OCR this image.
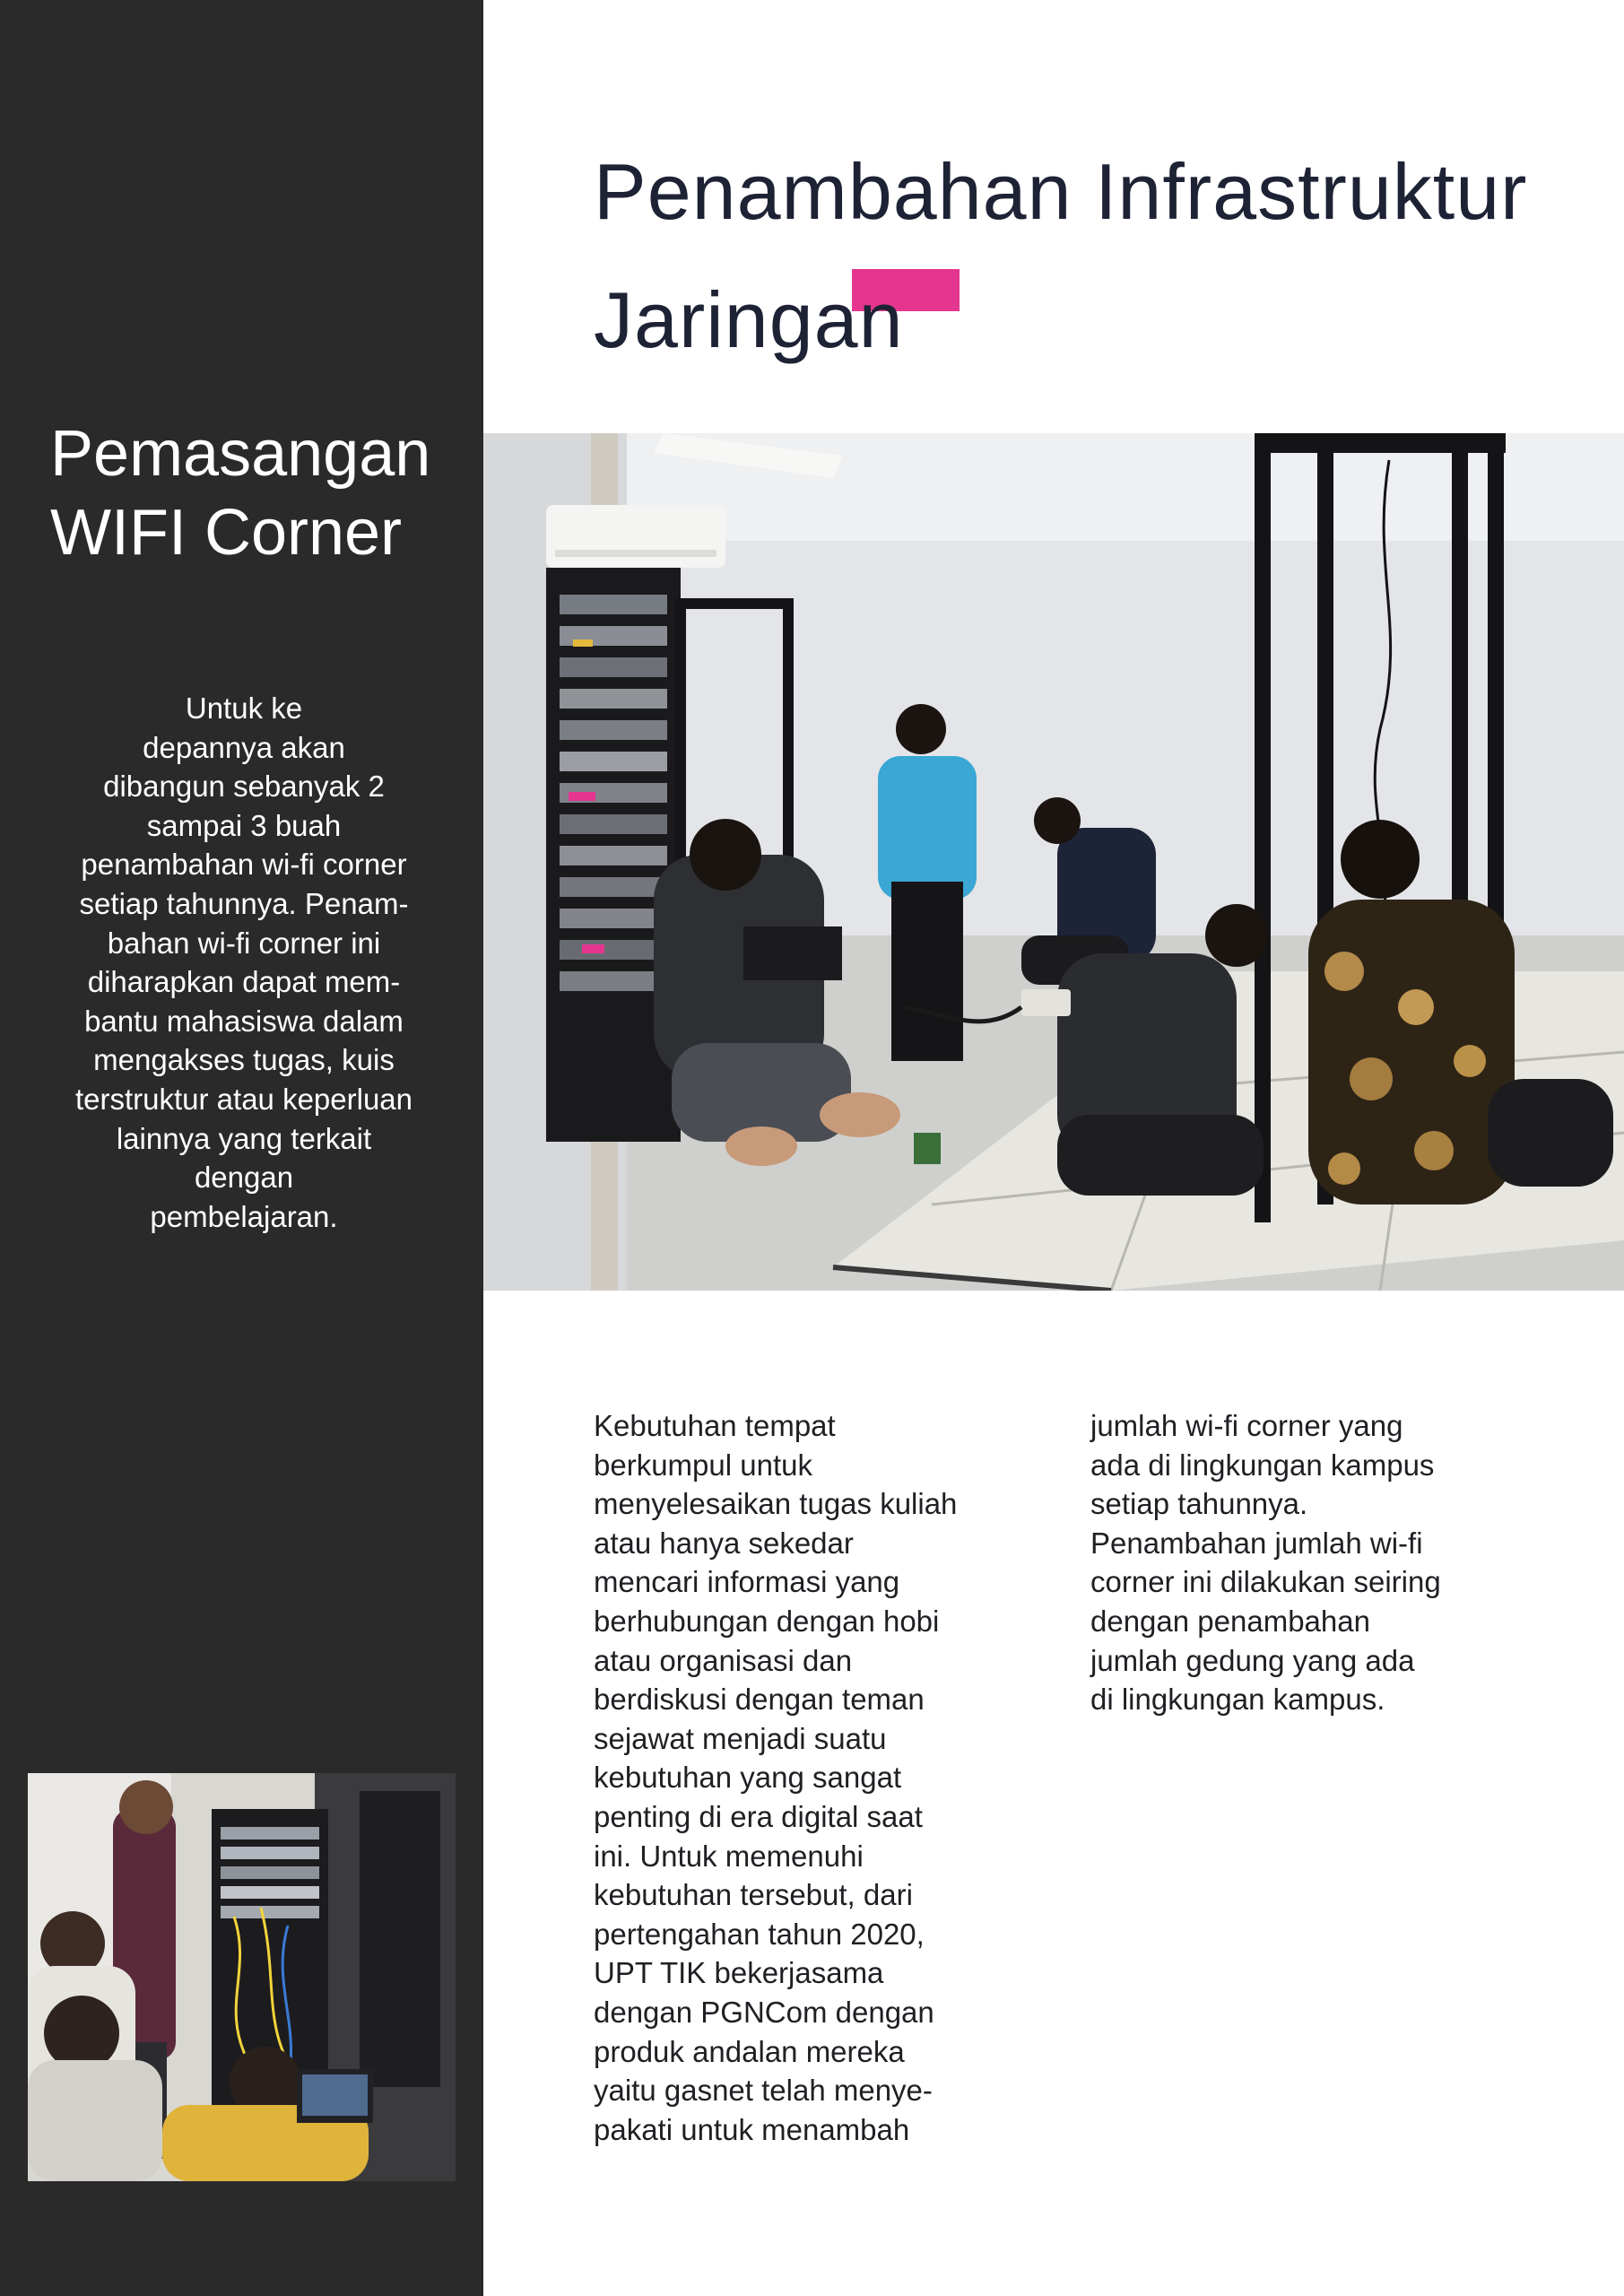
Pemasangan
WIFI Corner

Untuk ke
depannya akan
dibangun sebanyak 2
sampai 3 buah
penambahan wi-fi corner
setiap tahunnya. Penam-
bahan wi-fi corner ini
diharapkan dapat mem-
bantu mahasiswa dalam
mengakses tugas, kuis
terstruktur atau keperluan
lainnya yang terkait
dengan
pembelajaran.

Penambahan Infrastruktur
Jaringan

Kebutuhan tempat
berkumpul untuk
menyelesaikan tugas kuliah
atau hanya sekedar
mencari informasi yang
berhubungan dengan hobi
atau organisasi dan
berdiskusi dengan teman
sejawat menjadi suatu
kebutuhan yang sangat
penting di era digital saat
ini. Untuk memenuhi
kebutuhan tersebut, dari
pertengahan tahun 2020,
UPT TIK bekerjasama
dengan PGNCom dengan
produk andalan mereka
yaitu gasnet telah menye-
pakati untuk menambah

jumlah wi-fi corner yang
ada di lingkungan kampus
setiap tahunnya.
Penambahan jumlah wi-fi
corner ini dilakukan seiring
dengan penambahan
jumlah gedung yang ada
di lingkungan kampus.
